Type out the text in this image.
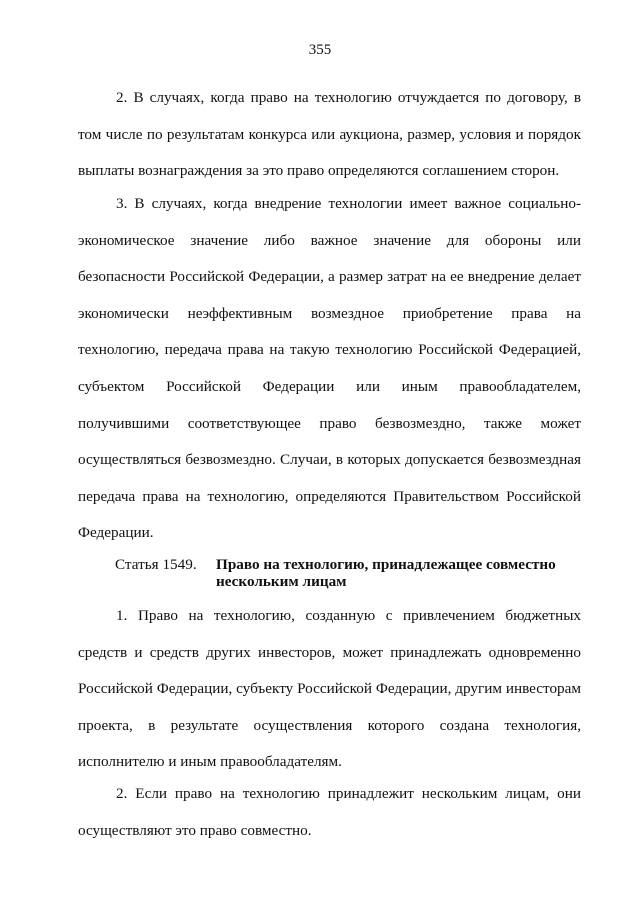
355

2. В случаях, когда право на технологию отчуждается по договору, в том числе по результатам конкурса или аукциона, размер, условия и порядок выплаты вознаграждения за это право определяются соглашением сторон.

3. В случаях, когда внедрение технологии имеет важное социально-экономическое значение либо важное значение для обороны или безопасности Российской Федерации, а размер затрат на ее внедрение делает экономически неэффективным возмездное приобретение права на технологию, передача права на такую технологию Российской Федерацией, субъектом Российской Федерации или иным правообладателем, получившими соответствующее право безвозмездно, также может осуществляться безвозмездно. Случаи, в которых допускается безвозмездная передача права на технологию, определяются Правительством Российской Федерации.

Статья 1549. Право на технологию, принадлежащее совместно нескольким лицам

1. Право на технологию, созданную с привлечением бюджетных средств и средств других инвесторов, может принадлежать одновременно Российской Федерации, субъекту Российской Федерации, другим инвесторам проекта, в результате осуществления которого создана технология, исполнителю и иным правообладателям.

2. Если право на технологию принадлежит нескольким лицам, они осуществляют это право совместно.
